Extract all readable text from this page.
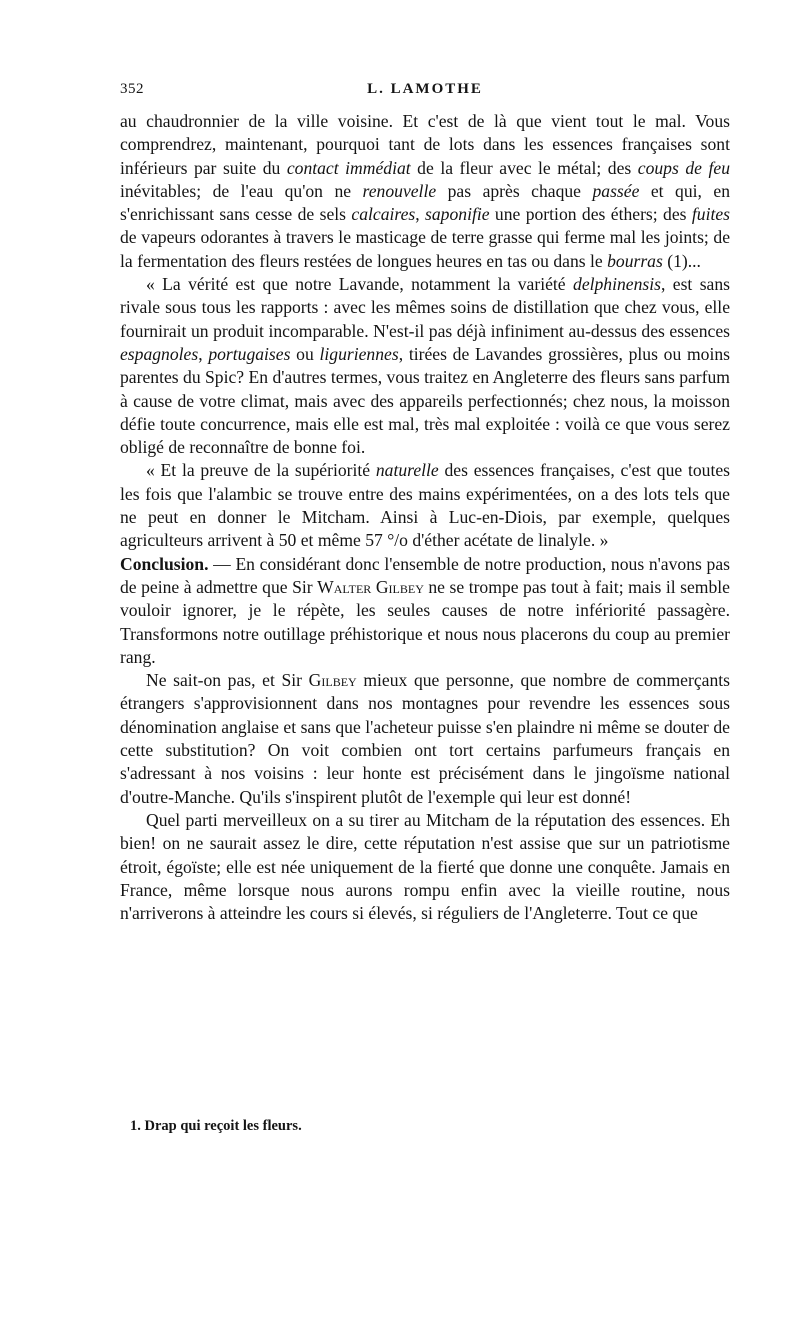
352	L. LAMOTHE

au chaudronnier de la ville voisine. Et c'est de là que vient tout le mal. Vous comprendrez, maintenant, pourquoi tant de lots dans les essences françaises sont inférieurs par suite du contact immédiat de la fleur avec le métal; des coups de feu inévitables; de l'eau qu'on ne renouvelle pas après chaque passée et qui, en s'enrichissant sans cesse de sels calcaires, saponifie une portion des éthers; des fuites de vapeurs odorantes à travers le masticage de terre grasse qui ferme mal les joints; de la fermentation des fleurs restées de longues heures en tas ou dans le bourras (1)...

« La vérité est que notre Lavande, notamment la variété delphinensis, est sans rivale sous tous les rapports : avec les mêmes soins de distillation que chez vous, elle fournirait un produit incomparable. N'est-il pas déjà infiniment au-dessus des essences espagnoles, portugaises ou liguriennes, tirées de Lavandes grossières, plus ou moins parentes du Spic? En d'autres termes, vous traitez en Angleterre des fleurs sans parfum à cause de votre climat, mais avec des appareils perfectionnés; chez nous, la moisson défie toute concurrence, mais elle est mal, très mal exploitée : voilà ce que vous serez obligé de reconnaître de bonne foi.

« Et la preuve de la supériorité naturelle des essences françaises, c'est que toutes les fois que l'alambic se trouve entre des mains expérimentées, on a des lots tels que ne peut en donner le Mitcham. Ainsi à Luc-en-Diois, par exemple, quelques agriculteurs arrivent à 50 et même 57 °/o d'éther acétate de linalyle. »

Conclusion. — En considérant donc l'ensemble de notre production, nous n'avons pas de peine à admettre que Sir Walter Gilbey ne se trompe pas tout à fait; mais il semble vouloir ignorer, je le répète, les seules causes de notre infériorité passagère. Transformons notre outillage préhistorique et nous nous placerons du coup au premier rang.

Ne sait-on pas, et Sir Gilbey mieux que personne, que nombre de commerçants étrangers s'approvisionnent dans nos montagnes pour revendre les essences sous dénomination anglaise et sans que l'acheteur puisse s'en plaindre ni même se douter de cette substitution? On voit combien ont tort certains parfumeurs français en s'adressant à nos voisins : leur honte est précisément dans le jingoïsme national d'outre-Manche. Qu'ils s'inspirent plutôt de l'exemple qui leur est donné!

Quel parti merveilleux on a su tirer au Mitcham de la réputation des essences. Eh bien! on ne saurait assez le dire, cette réputation n'est assise que sur un patriotisme étroit, égoïste; elle est née uniquement de la fierté que donne une conquête. Jamais en France, même lorsque nous aurons rompu enfin avec la vieille routine, nous n'arriverons à atteindre les cours si élevés, si réguliers de l'Angleterre. Tout ce que

1. Drap qui reçoit les fleurs.
